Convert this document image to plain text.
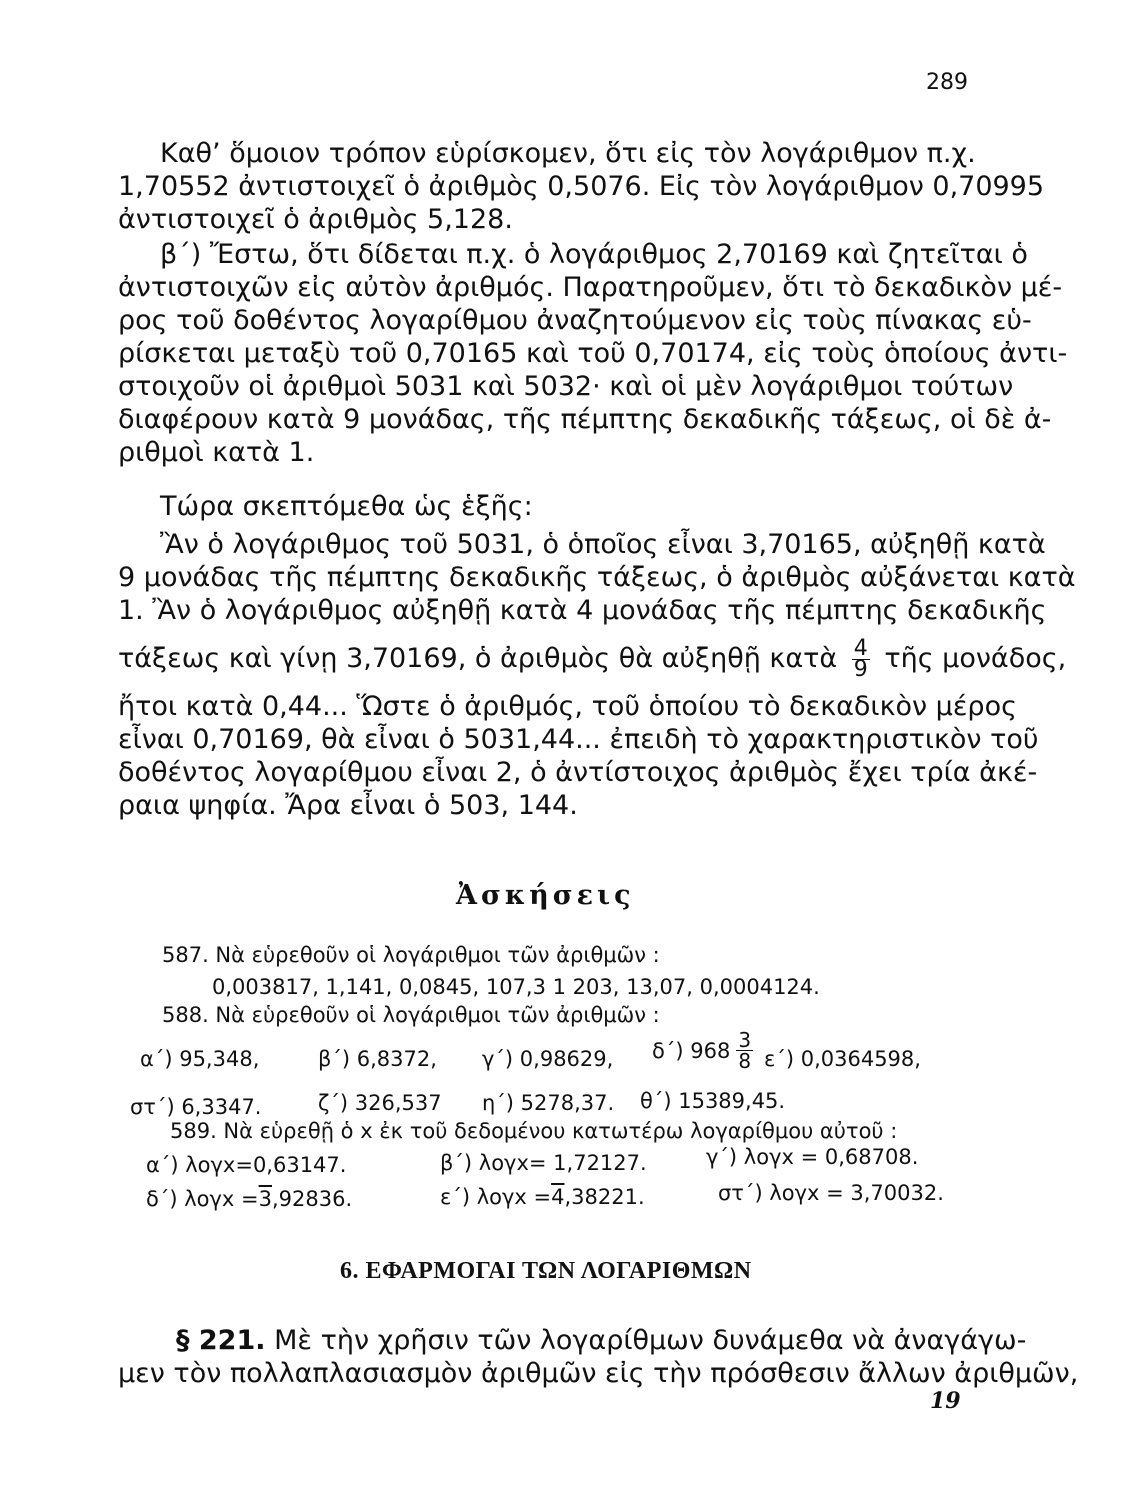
289
Καθ’ ὅμοιον τρόπον εὑρίσκομεν, ὅτι εἰς τὸν λογάριθμον π.χ.
1,70552 ἀντιστοιχεῖ ὁ ἀριθμὸς 0,5076. Εἰς τὸν λογάριθμον 0,70995
ἀντιστοιχεῖ ὁ ἀριθμὸς 5,128.
β΄) Ἔστω, ὅτι δίδεται π.χ. ὁ λογάριθμος 2,70169 καὶ ζητεῖται ὁ
ἀντιστοιχῶν εἰς αὐτὸν ἀριθμός. Παρατηροῦμεν, ὅτι τὸ δεκαδικὸν μέ-
ρος τοῦ δοθέντος λογαρίθμου ἀναζητούμενον εἰς τοὺς πίνακας εὑ-
ρίσκεται μεταξὺ τοῦ 0,70165 καὶ τοῦ 0,70174, εἰς τοὺς ὁποίους ἀντι-
στοιχοῦν οἱ ἀριθμοὶ 5031 καὶ 5032· καὶ οἱ μὲν λογάριθμοι τούτων
διαφέρουν κατὰ 9 μονάδας, τῆς πέμπτης δεκαδικῆς τάξεως, οἱ δὲ ἀ-
ριθμοὶ κατὰ 1.
Τώρα σκεπτόμεθα ὡς ἑξῆς:
Ἂν ὁ λογάριθμος τοῦ 5031, ὁ ὁποῖος εἶναι 3,70165, αὐξηθῇ κατὰ
9 μονάδας τῆς πέμπτης δεκαδικῆς τάξεως, ὁ ἀριθμὸς αὐξάνεται κατὰ
1. Ἂν ὁ λογάριθμος αὐξηθῇ κατὰ 4 μονάδας τῆς πέμπτης δεκαδικῆς
τάξεως καὶ γίνῃ 3,70169, ὁ ἀριθμὸς θὰ αὐξηθῇ κατὰ $\frac{4}{9}$ τῆς μονάδος,
ἤτοι κατὰ 0,44... Ὥστε ὁ ἀριθμός, τοῦ ὁποίου τὸ δεκαδικὸν μέρος
εἶναι 0,70169, θὰ εἶναι ὁ 5031,44... ἐπειδὴ τὸ χαρακτηριστικὸν τοῦ
δοθέντος λογαρίθμου εἶναι 2, ὁ ἀντίστοιχος ἀριθμὸς ἔχει τρία ἀκέ-
ραια ψηφία. Ἄρα εἶναι ὁ 503, 144.
Ἀσκήσεις
587. Νὰ εὑρεθοῦν οἱ λογάριθμοι τῶν ἀριθμῶν :
0,003817, 1,141, 0,0845, 107,3 1 203, 13,07, 0,0004124.
588. Νὰ εὑρεθοῦν οἱ λογάριθμοι τῶν ἀριθμῶν :
α΄) 95,348,	β΄) 6,8372, γ΄) 0,98629, δ΄) $968 \frac{3}{8} \varepsilon΄$) 0,0364598,
στ΄) 6,3347.	ζ΄) 326,537 η΄) 5278,37. θ΄) 15389,45.
589. Νὰ εὑρεθῇ ὁ x ἐκ τοῦ δεδομένου κατωτέρω λογαρίθμου αὐτοῦ :
α΄) λογx=0,63147.	β΄) λογx= 1,72127.	γ΄) λογx = 0,68708.
δ΄) λογx =3,92836.	ε΄) λογx =4,38221.	στ΄) λογx = 3,70032.
6. ΕΦΑΡΜΟΓΑΙ ΤΩΝ ΛΟΓΑΡΙΘΜΩΝ
§ 221. Μὲ τὴν χρῆσιν τῶν λογαρίθμων δυνάμεθα νὰ ἀναγάγω-
μεν τὸν πολλαπλασιασμὸν ἀριθμῶν εἰς τὴν πρόσθεσιν ἄλλων ἀριθμῶν,
19
